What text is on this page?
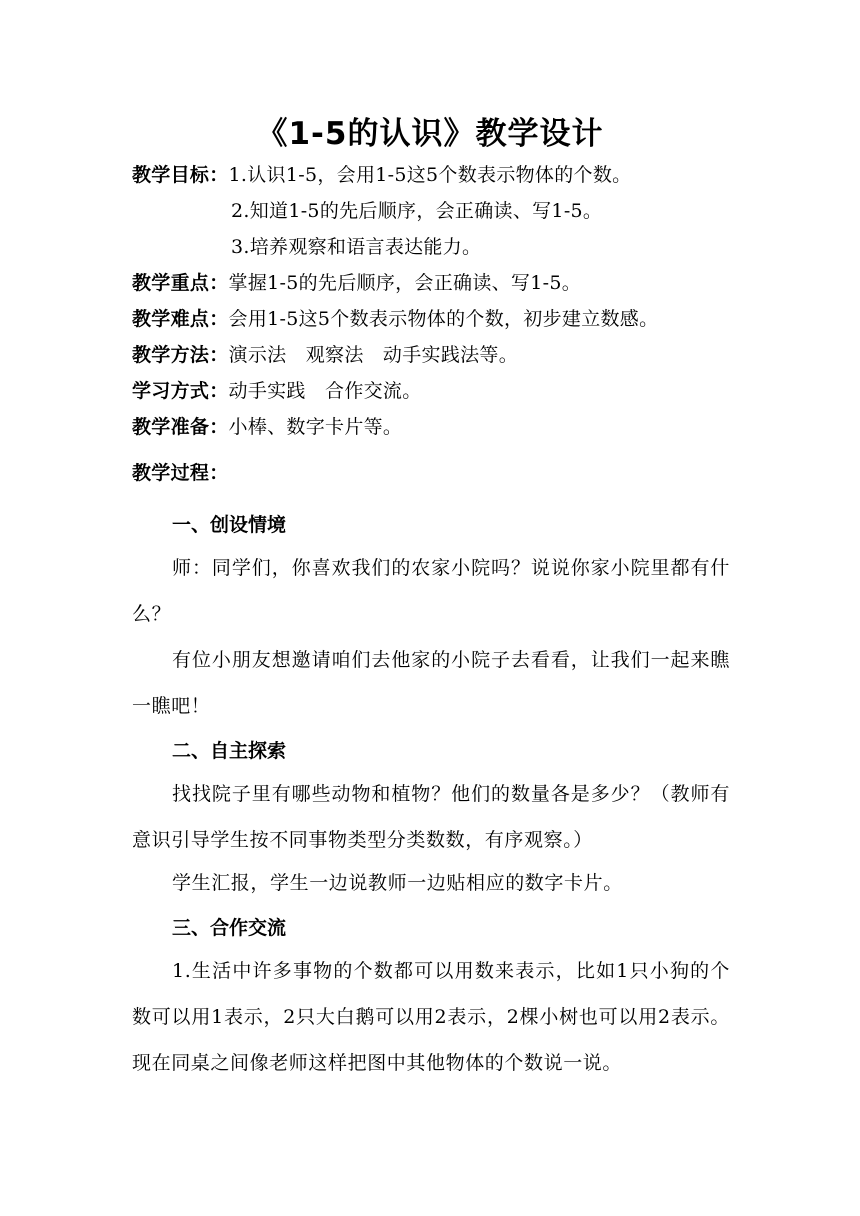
《1-5的认识》教学设计
教学目标：1.认识1-5，会用1-5这5个数表示物体的个数。
2.知道1-5的先后顺序，会正确读、写1-5。
3.培养观察和语言表达能力。
教学重点：掌握1-5的先后顺序，会正确读、写1-5。
教学难点：会用1-5这5个数表示物体的个数，初步建立数感。
教学方法：演示法　观察法　动手实践法等。
学习方式：动手实践　合作交流。
教学准备：小棒、数字卡片等。
教学过程：
一、创设情境
师：同学们，你喜欢我们的农家小院吗？说说你家小院里都有什么？
有位小朋友想邀请咱们去他家的小院子去看看，让我们一起来瞧一瞧吧！
二、自主探索
找找院子里有哪些动物和植物？他们的数量各是多少？（教师有意识引导学生按不同事物类型分类数数，有序观察。）
学生汇报，学生一边说教师一边贴相应的数字卡片。
三、合作交流
1.生活中许多事物的个数都可以用数来表示，比如1只小狗的个数可以用1表示，2只大白鹅可以用2表示，2棵小树也可以用2表示。现在同桌之间像老师这样把图中其他物体的个数说一说。
